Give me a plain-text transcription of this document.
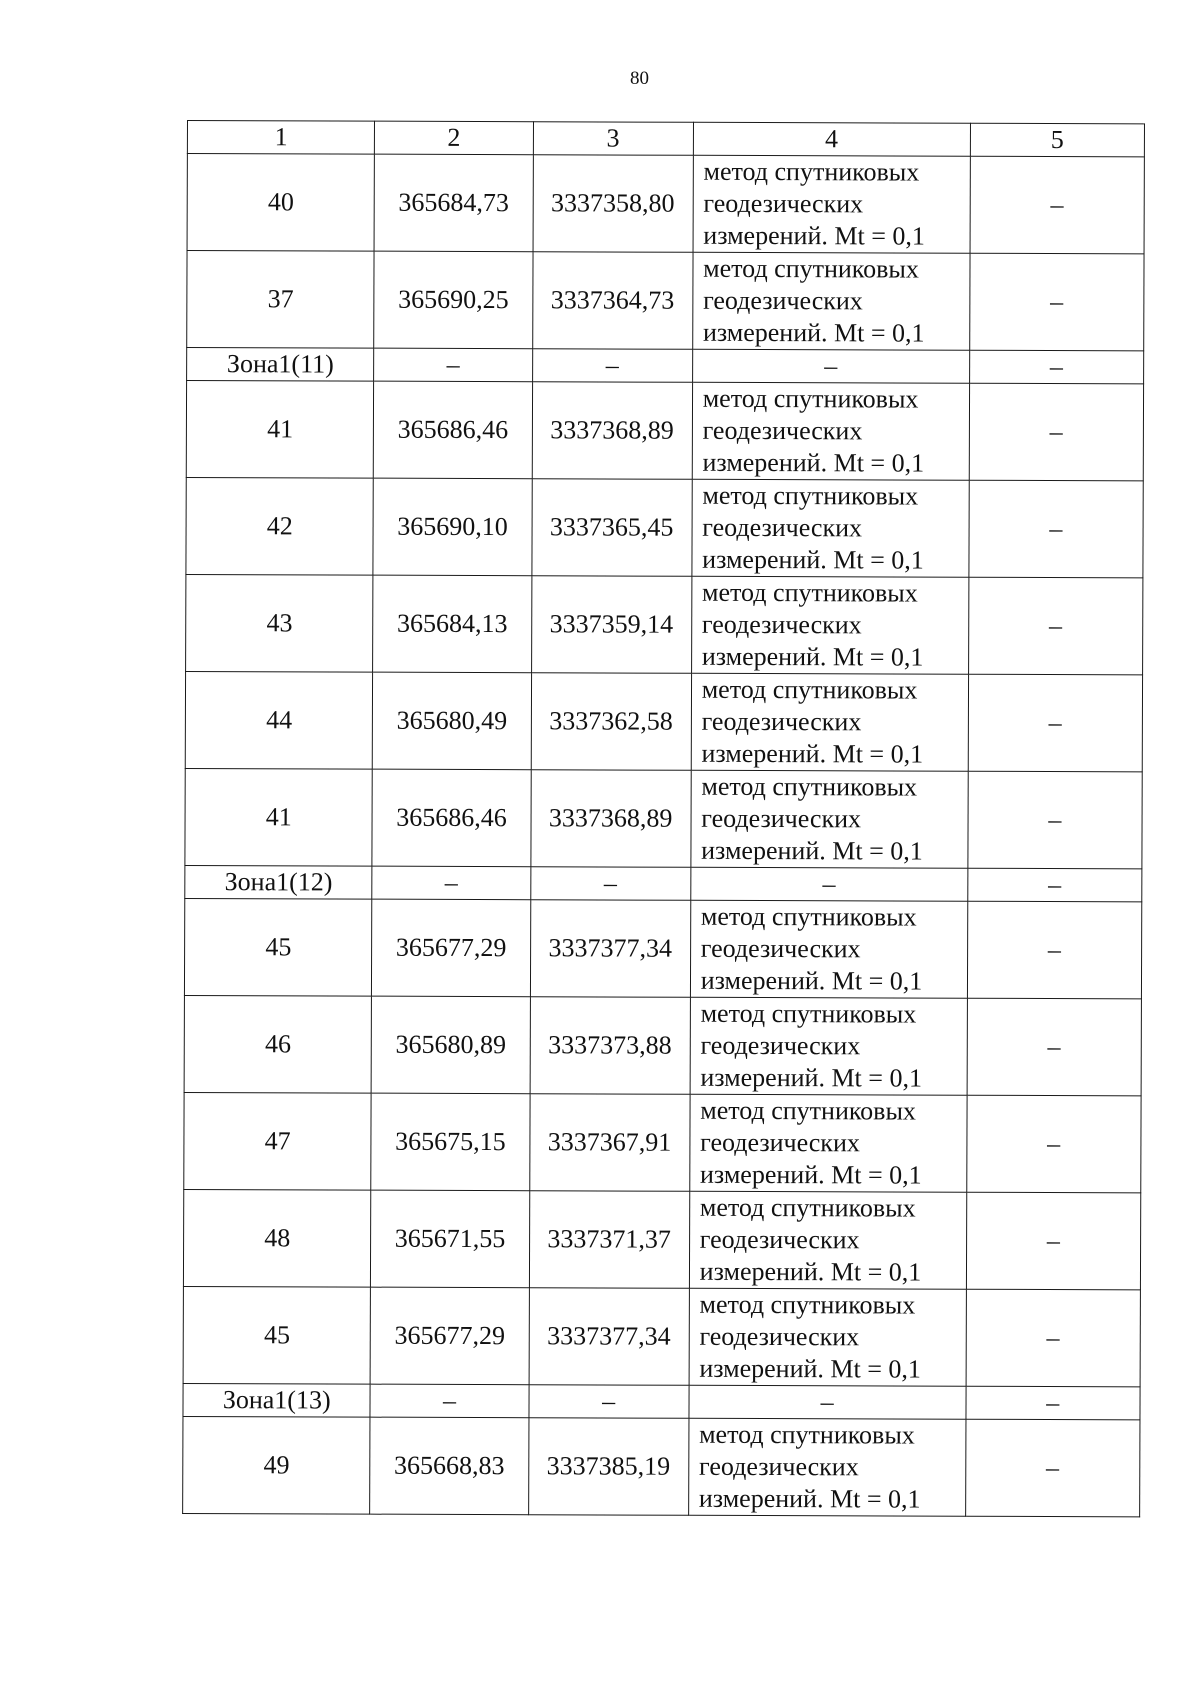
80
1	2	3	4	5
40	365684,73	3337358,80	метод спутниковых
геодезических
измерений. Mt = 0,1	–
37	365690,25	3337364,73	метод спутниковых
геодезических
измерений. Mt = 0,1	–
Зона1(11)	–	–	–	–
41	365686,46	3337368,89	метод спутниковых
геодезических
измерений. Mt = 0,1	–
42	365690,10	3337365,45	метод спутниковых
геодезических
измерений. Mt = 0,1	–
43	365684,13	3337359,14	метод спутниковых
геодезических
измерений. Mt = 0,1	–
44	365680,49	3337362,58	метод спутниковых
геодезических
измерений. Mt = 0,1	–
41	365686,46	3337368,89	метод спутниковых
геодезических
измерений. Mt = 0,1	–
Зона1(12)	–	–	–	–
45	365677,29	3337377,34	метод спутниковых
геодезических
измерений. Mt = 0,1	–
46	365680,89	3337373,88	метод спутниковых
геодезических
измерений. Mt = 0,1	–
47	365675,15	3337367,91	метод спутниковых
геодезических
измерений. Mt = 0,1	–
48	365671,55	3337371,37	метод спутниковых
геодезических
измерений. Mt = 0,1	–
45	365677,29	3337377,34	метод спутниковых
геодезических
измерений. Mt = 0,1	–
Зона1(13)	–	–	–	–
49	365668,83	3337385,19	метод спутниковых
геодезических
измерений. Mt = 0,1	–
